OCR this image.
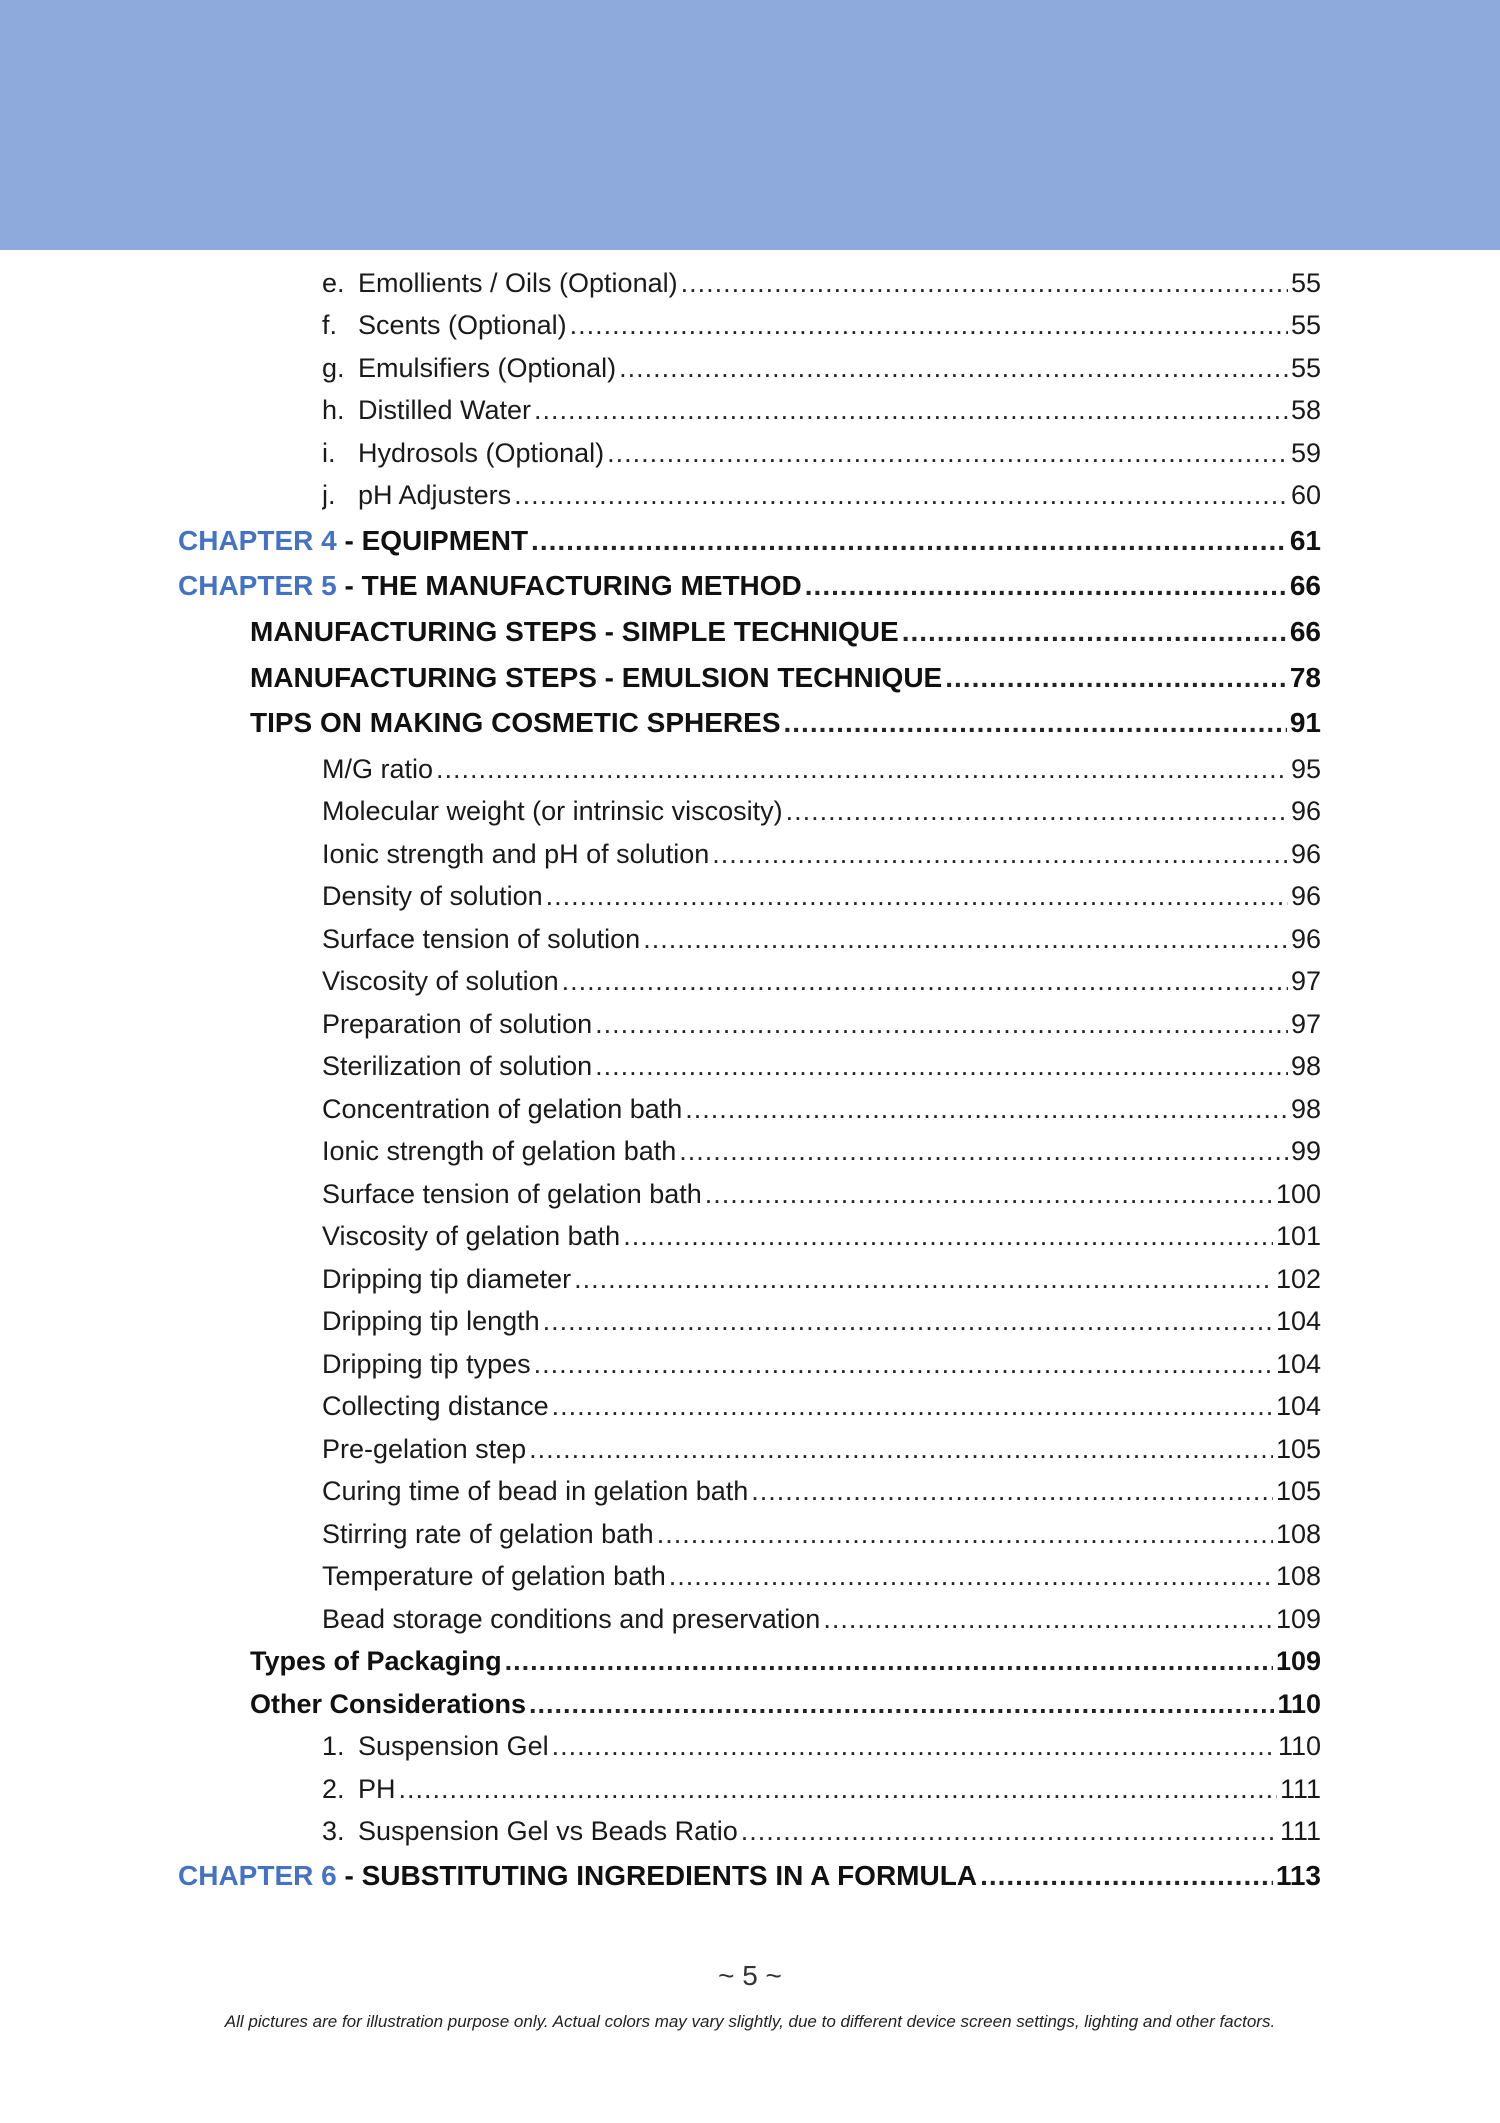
e. Emollients / Oils (Optional) .....	55
f. Scents (Optional) .....	55
g. Emulsifiers (Optional) .....	55
h. Distilled Water .....	58
i. Hydrosols (Optional) .....	59
j. pH Adjusters .....	60
CHAPTER 4 - EQUIPMENT .....	61
CHAPTER 5 - THE MANUFACTURING METHOD .....	66
MANUFACTURING STEPS - SIMPLE TECHNIQUE .....	66
MANUFACTURING STEPS - EMULSION TECHNIQUE .....	78
TIPS ON MAKING COSMETIC SPHERES .....	91
M/G ratio .....	95
Molecular weight (or intrinsic viscosity) .....	96
Ionic strength and pH of solution .....	96
Density of solution .....	96
Surface tension of solution .....	96
Viscosity of solution .....	97
Preparation of solution .....	97
Sterilization of solution .....	98
Concentration of gelation bath .....	98
Ionic strength of gelation bath .....	99
Surface tension of gelation bath .....	100
Viscosity of gelation bath .....	101
Dripping tip diameter .....	102
Dripping tip length .....	104
Dripping tip types .....	104
Collecting distance .....	104
Pre-gelation step .....	105
Curing time of bead in gelation bath .....	105
Stirring rate of gelation bath .....	108
Temperature of gelation bath .....	108
Bead storage conditions and preservation .....	109
Types of Packaging .....	109
Other Considerations .....	110
1. Suspension Gel .....	110
2. PH .....	111
3. Suspension Gel vs Beads Ratio .....	111
CHAPTER 6 - SUBSTITUTING INGREDIENTS IN A FORMULA .....	113
~ 5 ~
All pictures are for illustration purpose only. Actual colors may vary slightly, due to different device screen settings, lighting and other factors.
